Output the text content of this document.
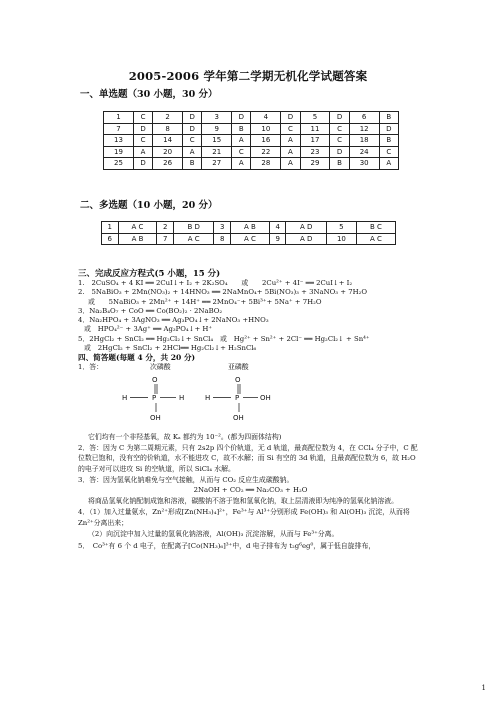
2005-2006 学年第二学期无机化学试题答案
一、单选题（30 小题，30 分）
1	C	2	D	3	D	4	D	5	D	6	B
7	D	8	D	9	B	10	C	11	C	12	D
13	C	14	C	15	A	16	A	17	C	18	B
19	A	20	A	21	C	22	A	23	D	24	C
25	D	26	B	27	A	28	A	29	B	30	A
二、多选题（10 小题，20 分）
1	A C	2	B D	3	A B	4	A D	5	B C
6	A B	7	A C	8	A C	9	A D	10	A C
三、完成反应方程式(5 小题，15 分)
1.　2CuSO₄ + 4 KI ══ 2CuI↓+ I₂ + 2K₂SO₄　　或　　2Cu²⁺ + 4I⁻ ══ 2CuI↓+ I₂
2.　5NaBiO₃ + 2Mn(NO₃)₂ + 14HNO₃ ══ 2NaMnO₄+ 5Bi(NO₃)₃ + 3NaNO₃ + 7H₂O
或　　5NaBiO₃ + 2Mn²⁺ + 14H⁺ ══ 2MnO₄⁻+ 5Bi³⁺+ 5Na⁺ + 7H₂O
3．Na₂B₄O₇ + CoO ══ Co(BO₂)₂ · 2NaBO₂
4．Na₂HPO₄ + 3AgNO₃ ══ Ag₃PO₄↓+ 2NaNO₃ +HNO₃
或　HPO₄²⁻ + 3Ag⁺ ══ Ag₃PO₄↓+ H⁺
5．2HgCl₂ + SnCl₂ ══ Hg₂Cl₂↓+ SnCl₄　或　Hg²⁺ + Sn²⁺ + 2Cl⁻ ══ Hg₂Cl₂↓ + Sn⁴⁺
或　2HgCl₂ + SnCl₂ + 2HCl══ Hg₂Cl₂↓+ H₂SnCl₆
四、简答题(每题 4 分，共 20 分)
1．答：	次磷酸	亚磷酸
O
H	P	H
OH
O
H	P	OH
OH
它们均有一个非羟基氧，故 Kₐ 都约为 10⁻²。(都为四面体结构)
2．答：因为 C 为第二周期元素，只有 2s2p 四个价轨道，无 d 轨道，最高配位数为 4，在 CCl₄ 分子中，C 配位数已饱和，没有空的价轨道，水不能进攻 C，故不水解；而 Si 有空的 3d 轨道，且最高配位数为 6，故 H₂O 的电子对可以进攻 Si 的空轨道，所以 SiCl₄ 水解。
3．答：因为氢氧化钠难免与空气接触，从而与 CO₂ 反应生成碳酸钠。
2NaOH + CO₂ ══ Na₂CO₃ + H₂O
将商品氢氧化钠配制成饱和溶液，碳酸钠不溶于饱和氢氧化钠，取上层清液即为纯净的氢氧化钠溶液。
4．（1）加入过量氨水，Zn²⁺形成[Zn(NH₃)₄]²⁺，Fe³⁺与 Al³⁺分别形成 Fe(OH)₃ 和 Al(OH)₃ 沉淀，从而将 Zn²⁺分离出来；
（2）向沉淀中加入过量的氢氧化钠溶液，Al(OH)₃ 沉淀溶解，从而与 Fe³⁺分离。
5．　Co³⁺有 6 个 d 电子，在配离子[Co(NH₃)₆]³⁺中，d 电子排布为 t₂g⁶eg⁰，属于低自旋排布，
1
